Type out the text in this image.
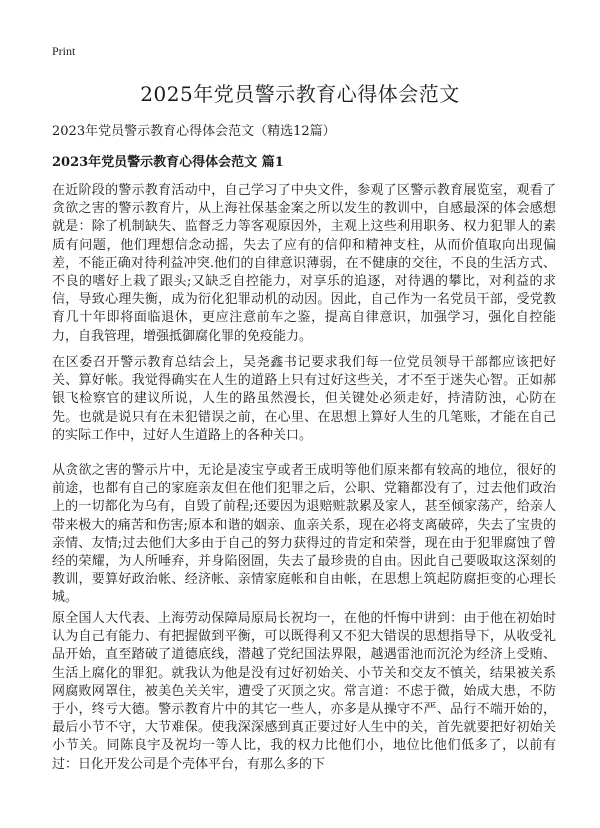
Print
2025年党员警示教育心得体会范文
2023年党员警示教育心得体会范文（精选12篇）
2023年党员警示教育心得体会范文 篇1

在近阶段的警示教育活动中，自己学习了中央文件，参观了区警示教育展览室，观看了贪欲之害的警示教育片，从上海社保基金案之所以发生的教训中，自感最深的体会感想就是：除了机制缺失、监督乏力等客观原因外，主观上这些利用职务、权力犯罪人的素质有问题，他们理想信念动摇，失去了应有的信仰和精神支柱，从而价值取向出现偏差，不能正确对待利益冲突.他们的自律意识薄弱，在不健康的交往，不良的生活方式、不良的嗜好上栽了跟头;又缺乏自控能力，对享乐的追逐，对待遇的攀比，对利益的求信，导致心理失衡，成为衍化犯罪动机的动因。因此，自己作为一名党员干部，受党教育几十年即将面临退休，更应注意前车之鉴，提高自律意识，加强学习，强化自控能力，自我管理，增强抵御腐化罪的免疫能力。

在区委召开警示教育总结会上，吴尧鑫书记要求我们每一位党员领导干部都应该把好关、算好帐。我觉得确实在人生的道路上只有过好这些关，才不至于迷失心智。正如郝银飞检察官的建议所说，人生的路虽然漫长，但关键处必须走好，持清防浊，心防在先。也就是说只有在未犯错误之前，在心里、在思想上算好人生的几笔账，才能在自己的实际工作中，过好人生道路上的各种关口。

从贪欲之害的警示片中，无论是凌宝亨或者王成明等他们原来都有较高的地位，很好的前途，也都有自己的家庭亲友但在他们犯罪之后，公职、党籍都没有了，过去他们政治上的一切都化为乌有，自毁了前程;还要因为退赔赃款累及家人，甚至倾家荡产，给亲人带来极大的痛苦和伤害;原本和谐的姻亲、血亲关系，现在必将支离破碎，失去了宝贵的亲情、友情;过去他们大多由于自己的努力获得过的肯定和荣誉，现在由于犯罪腐蚀了曾经的荣耀，为人所唾弃，并身陷囹圄，失去了最珍贵的自由。因此自己要吸取这深刻的教训，要算好政治帐、经济帐、亲情家庭帐和自由帐，在思想上筑起防腐拒变的心理长城。

原全国人大代表、上海劳动保障局原局长祝均一，在他的忏悔中讲到：由于他在初始时认为自己有能力、有把握做到平衡，可以既得利又不犯大错误的思想指导下，从收受礼品开始，直至踏破了道德底线，潜越了党纪国法界限，越遇雷池而沉沦为经济上受贿、生活上腐化的罪犯。就我认为他是没有过好初始关、小节关和交友不慎关，结果被关系网腐败网罩住，被美色关关牢，遭受了灭顶之灾。常言道：不虑于微，始成大患，不防于小，终亏大德。警示教育片中的其它一些人，亦多是从操守不严、品行不端开始的，最后小节不守，大节难保。使我深深感到真正要过好人生中的关，首先就要把好初始关小节关。同陈良宇及祝均一等人比，我的权力比他们小，地位比他们低多了，以前有过：日化开发公司是个壳体平台，有那么多的下
